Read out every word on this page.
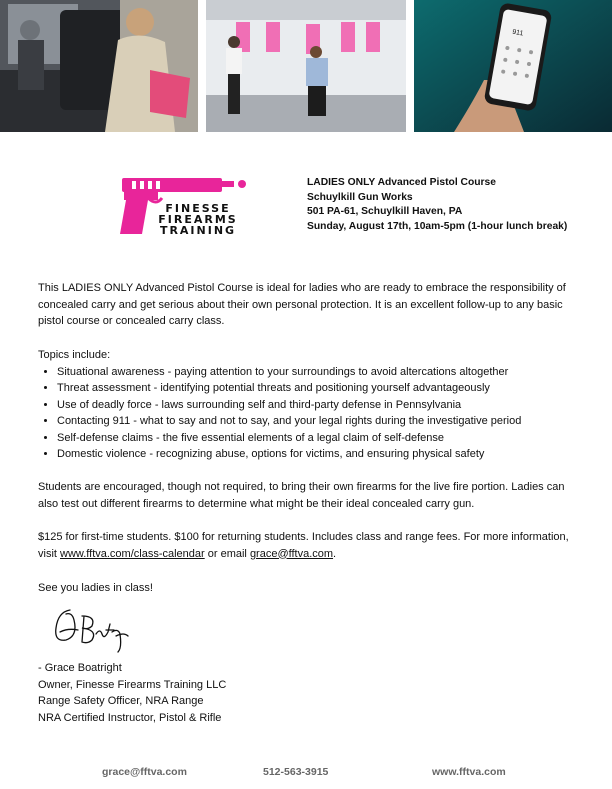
911
FINESSE
FIREARMS
TRAINING
LADIES ONLY Advanced Pistol Course
Schuylkill Gun Works
501 PA-61, Schuylkill Haven, PA
Sunday, August 17th, 10am-5pm (1-hour lunch break)

This LADIES ONLY Advanced Pistol Course is ideal for ladies who are ready to embrace the responsibility of concealed carry and get serious about their own personal protection. It is an excellent follow-up to any basic pistol course or concealed carry class.

Topics include:

• Situational awareness - paying attention to your surroundings to avoid altercations altogether
• Threat assessment - identifying potential threats and positioning yourself advantageously
• Use of deadly force - laws surrounding self and third-party defense in Pennsylvania
• Contacting 911 - what to say and not to say, and your legal rights during the investigative period
• Self-defense claims - the five essential elements of a legal claim of self-defense
• Domestic violence - recognizing abuse, options for victims, and ensuring physical safety

Students are encouraged, though not required, to bring their own firearms for the live fire portion. Ladies can also test out different firearms to determine what might be their ideal concealed carry gun.

$125 for first-time students. $100 for returning students. Includes class and range fees. For more information, visit www.fftva.com/class-calendar or email grace@fftva.com.

See you ladies in class!

- Grace Boatright
Owner, Finesse Firearms Training LLC
Range Safety Officer, NRA Range
NRA Certified Instructor, Pistol & Rifle
grace@fftva.com	512-563-3915	www.fftva.com
